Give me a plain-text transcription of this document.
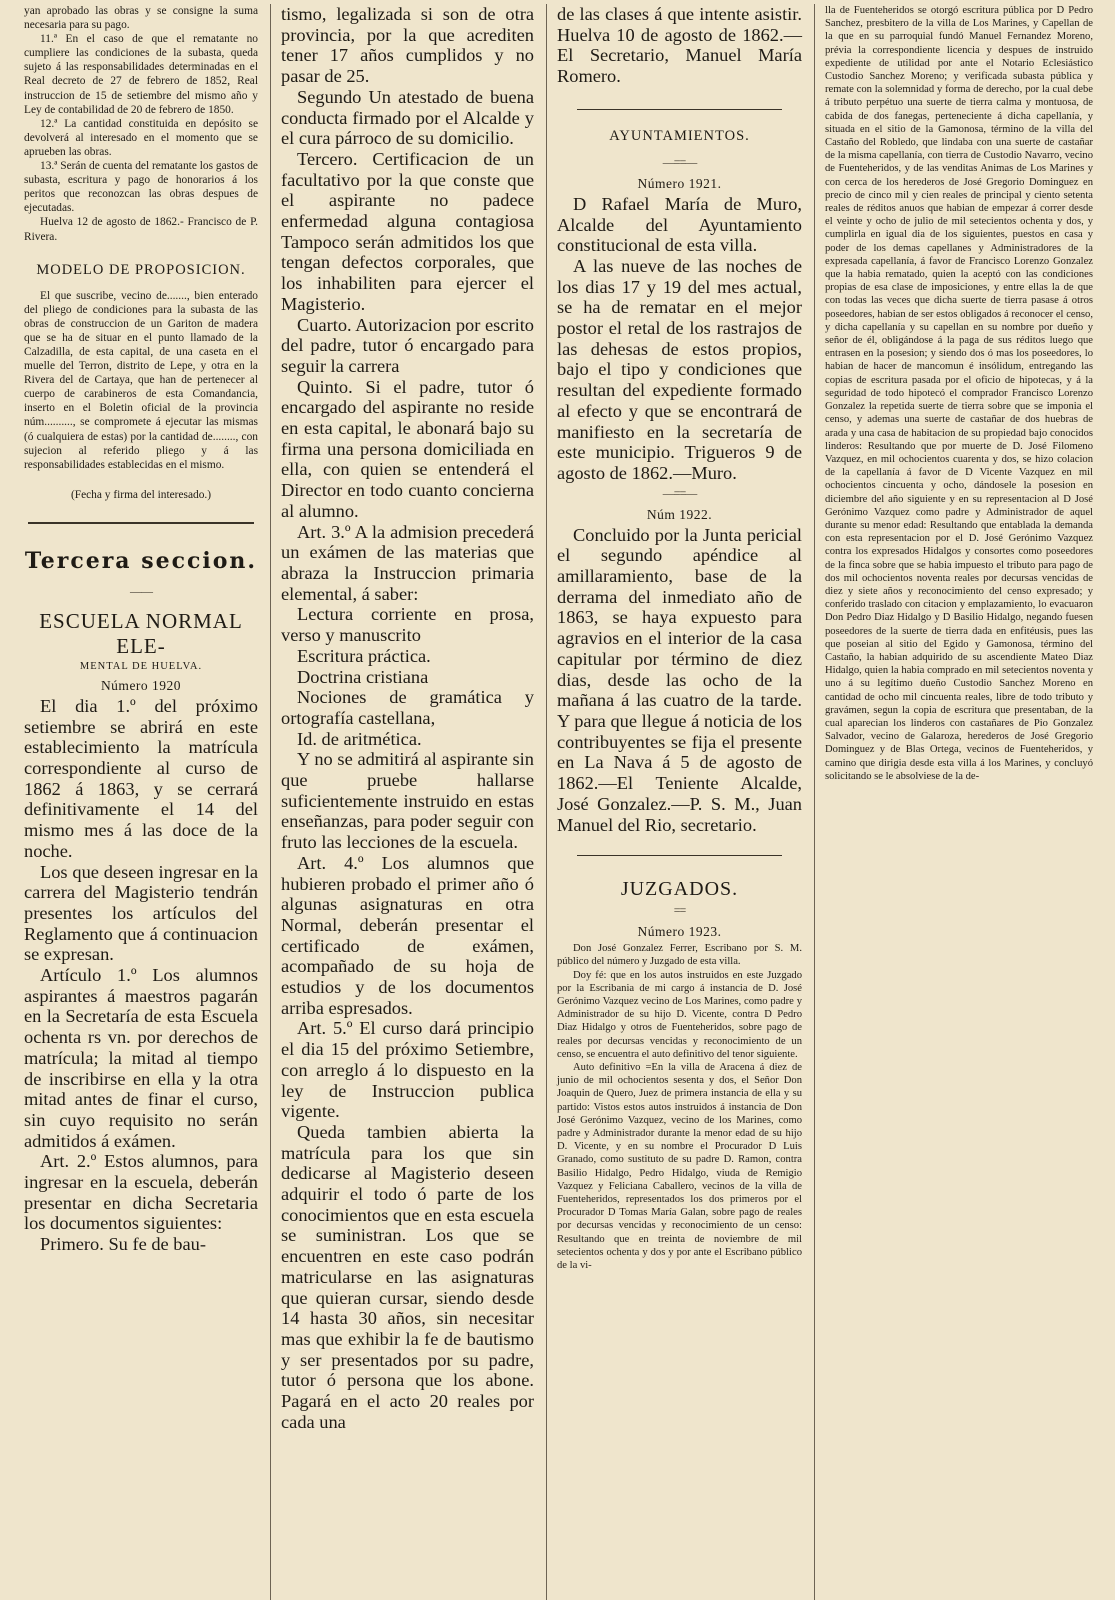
yan aprobado las obras y se consigne la suma necesaria para su pago.

11.ª En el caso de que el rematante no cumpliere las condiciones de la subasta, queda sujeto á las responsabilidades determinadas en el Real decreto de 27 de febrero de 1852, Real instruccion de 15 de setiembre del mismo año y Ley de contabilidad de 20 de febrero de 1850.

12.ª La cantidad constituida en depósito se devolverá al interesado en el momento que se aprueben las obras.

13.ª Serán de cuenta del rematante los gastos de subasta, escritura y pago de honorarios á los peritos que reconozcan las obras despues de ejecutadas.

Huelva 12 de agosto de 1862.- Francisco de P. Rivera.

MODELO DE PROPOSICION.

El que suscribe, vecino de......., bien enterado del pliego de condiciones para la subasta de las obras de construccion de un Gariton de madera que se ha de situar en el punto llamado de la Calzadilla, de esta capital, de una caseta en el muelle del Terron, distrito de Lepe, y otra en la Rivera del de Cartaya, que han de pertenecer al cuerpo de carabineros de esta Comandancia, inserto en el Boletin oficial de la provincia núm.........., se compromete á ejecutar las mismas (ó cualquiera de estas) por la cantidad de........, con sujecion al referido pliego y á las responsabilidades establecidas en el mismo.

(Fecha y firma del interesado.)

Tercera seccion.
——
ESCUELA NORMAL ELE-
MENTAL DE HUELVA.
Número 1920

El dia 1.º del próximo setiembre se abrirá en este establecimiento la matrícula correspondiente al curso de 1862 á 1863, y se cerrará definitivamente el 14 del mismo mes á las doce de la noche.

Los que deseen ingresar en la carrera del Magisterio tendrán presentes los artículos del Reglamento que á continuacion se expresan.

Artículo 1.º Los alumnos aspirantes á maestros pagarán en la Secretaría de esta Escuela ochenta rs vn. por derechos de matrícula; la mitad al tiempo de inscribirse en ella y la otra mitad antes de finar el curso, sin cuyo requisito no serán admitidos á exámen.

Art. 2.º Estos alumnos, para ingresar en la escuela, deberán presentar en dicha Secretaria los documentos siguientes:

Primero. Su fe de bau-

tismo, legalizada si son de otra provincia, por la que acrediten tener 17 años cumplidos y no pasar de 25.

Segundo Un atestado de buena conducta firmado por el Alcalde y el cura párroco de su domicilio.

Tercero. Certificacion de un facultativo por la que conste que el aspirante no padece enfermedad alguna contagiosa Tampoco serán admitidos los que tengan defectos corporales, que los inhabiliten para ejercer el Magisterio.

Cuarto. Autorizacion por escrito del padre, tutor ó encargado para seguir la carrera

Quinto. Si el padre, tutor ó encargado del aspirante no reside en esta capital, le abonará bajo su firma una persona domiciliada en ella, con quien se entenderá el Director en todo cuanto concierna al alumno.

Art. 3.º A la admision precederá un exámen de las materias que abraza la Instruccion primaria elemental, á saber:

Lectura corriente en prosa, verso y manuscrito

Escritura práctica.

Doctrina cristiana

Nociones de gramática y ortografía castellana,

Id. de aritmética.

Y no se admitirá al aspirante sin que pruebe hallarse suficientemente instruido en estas enseñanzas, para poder seguir con fruto las lecciones de la escuela.

Art. 4.º Los alumnos que hubieren probado el primer año ó algunas asignaturas en otra Normal, deberán presentar el certificado de exámen, acompañado de su hoja de estudios y de los documentos arriba espresados.

Art. 5.º El curso dará principio el dia 15 del próximo Setiembre, con arreglo á lo dispuesto en la ley de Instruccion publica vigente.

Queda tambien abierta la matrícula para los que sin dedicarse al Magisterio deseen adquirir el todo ó parte de los conocimientos que en esta escuela se suministran. Los que se encuentren en este caso podrán matricularse en las asignaturas que quieran cursar, siendo desde 14 hasta 30 años, sin necesitar mas que exhibir la fe de bautismo y ser presentados por su padre, tutor ó persona que los abone. Pagará en el acto 20 reales por cada una

de las clases á que intente asistir. Huelva 10 de agosto de 1862.—El Secretario, Manuel María Romero.

AYUNTAMIENTOS.
—==—
Número 1921.

D Rafael María de Muro, Alcalde del Ayuntamiento constitucional de esta villa.

A las nueve de las noches de los dias 17 y 19 del mes actual, se ha de rematar en el mejor postor el retal de los rastrajos de las dehesas de estos propios, bajo el tipo y condiciones que resultan del expediente formado al efecto y que se encontrará de manifiesto en la secretaría de este municipio. Trigueros 9 de agosto de 1862.—Muro.

—==—
Núm 1922.

Concluido por la Junta pericial el segundo apéndice al amillaramiento, base de la derrama del inmediato año de 1863, se haya expuesto para agravios en el interior de la casa capitular por término de diez dias, desde las ocho de la mañana á las cuatro de la tarde. Y para que llegue á noticia de los contribuyentes se fija el presente en La Nava á 5 de agosto de 1862.—El Teniente Alcalde, José Gonzalez.—P. S. M., Juan Manuel del Rio, secretario.

JUZGADOS.
==
Número 1923.

Don José Gonzalez Ferrer, Escribano por S. M. público del número y Juzgado de esta villa.

Doy fé: que en los autos instruidos en este Juzgado por la Escribania de mi cargo á instancia de D. José Gerónimo Vazquez vecino de Los Marines, como padre y Administrador de su hijo D. Vicente, contra D Pedro Diaz Hidalgo y otros de Fuenteheridos, sobre pago de reales por decursas vencidas y reconocimiento de un censo, se encuentra el auto definitivo del tenor siguiente.

Auto definitivo =En la villa de Aracena á diez de junio de mil ochocientos sesenta y dos, el Señor Don Joaquin de Quero, Juez de primera instancia de ella y su partido: Vistos estos autos instruidos á instancia de Don José Gerónimo Vazquez, vecino de los Marines, como padre y Administrador durante la menor edad de su hijo D. Vicente, y en su nombre el Procurador D Luis Granado, como sustituto de su padre D. Ramon, contra Basilio Hidalgo, Pedro Hidalgo, viuda de Remigio Vazquez y Feliciana Caballero, vecinos de la villa de Fuenteheridos, representados los dos primeros por el Procurador D Tomas María Galan, sobre pago de reales por decursas vencidas y reconocimiento de un censo: Resultando que en treinta de noviembre de mil setecientos ochenta y dos y por ante el Escribano público de la vi-

lla de Fuenteheridos se otorgó escritura pública por D Pedro Sanchez, presbitero de la villa de Los Marines, y Capellan de la que en su parroquial fundó Manuel Fernandez Moreno, prévia la correspondiente licencia y despues de instruido expediente de utilidad por ante el Notario Eclesiástico Custodio Sanchez Moreno; y verificada subasta pública y remate con la solemnidad y forma de derecho, por la cual debe á tributo perpétuo una suerte de tierra calma y montuosa, de cabida de dos fanegas, perteneciente á dicha capellanía, y situada en el sitio de la Gamonosa, término de la villa del Castaño del Robledo, que lindaba con una suerte de castañar de la misma capellanía, con tierra de Custodio Navarro, vecino de Fuenteheridos, y de las venditas Animas de Los Marines y con cerca de los herederos de José Gregorio Dominguez en precio de cinco mil y cien reales de principal y ciento setenta reales de réditos anuos que habian de empezar á correr desde el veinte y ocho de julio de mil setecientos ochenta y dos, y cumplirla en igual dia de los siguientes, puestos en casa y poder de los demas capellanes y Administradores de la expresada capellanía, á favor de Francisco Lorenzo Gonzalez que la habia rematado, quien la aceptó con las condiciones propias de esa clase de imposiciones, y entre ellas la de que con todas las veces que dicha suerte de tierra pasase á otros poseedores, habian de ser estos obligados á reconocer el censo, y dicha capellanía y su capellan en su nombre por dueño y señor de él, obligándose á la paga de sus réditos luego que entrasen en la posesion; y siendo dos ó mas los poseedores, lo habian de hacer de mancomun é insólidum, entregando las copias de escritura pasada por el oficio de hipotecas, y á la seguridad de todo hipotecó el comprador Francisco Lorenzo Gonzalez la repetida suerte de tierra sobre que se imponia el censo, y ademas una suerte de castañar de dos huebras de arada y una casa de habitacion de su propiedad bajo conocidos linderos: Resultando que por muerte de D. José Filomeno Vazquez, en mil ochocientos cuarenta y dos, se hizo colacion de la capellanía á favor de D Vicente Vazquez en mil ochocientos cincuenta y ocho, dándosele la posesion en diciembre del año siguiente y en su representacion al D José Gerónimo Vazquez como padre y Administrador de aquel durante su menor edad: Resultando que entablada la demanda con esta representacion por el D. José Gerónimo Vazquez contra los expresados Hidalgos y consortes como poseedores de la finca sobre que se habia impuesto el tributo para pago de dos mil ochocientos noventa reales por decursas vencidas de diez y siete años y reconocimiento del censo expresado; y conferido traslado con citacion y emplazamiento, lo evacuaron Don Pedro Diaz Hidalgo y D Basilio Hidalgo, negando fuesen poseedores de la suerte de tierra dada en enfitéusis, pues las que poseian al sitio del Egido y Gamonosa, término del Castaño, la habian adquirido de su ascendiente Mateo Diaz Hidalgo, quien la habia comprado en mil setecientos noventa y uno á su legítimo dueño Custodio Sanchez Moreno en cantidad de ocho mil cincuenta reales, libre de todo tributo y gravámen, segun la copia de escritura que presentaban, de la cual aparecian los linderos con castañares de Pio Gonzalez Salvador, vecino de Galaroza, herederos de José Gregorio Dominguez y de Blas Ortega, vecinos de Fuenteheridos, y camino que dirigia desde esta villa á los Marines, y concluyó solicitando se le absolviese de la de-
